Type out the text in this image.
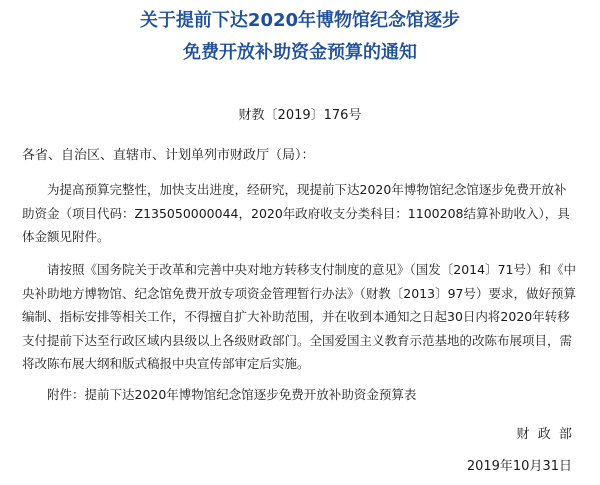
关于提前下达2020年博物馆纪念馆逐步
免费开放补助资金预算的通知
财教〔2019〕176号
各省、自治区、直辖市、计划单列市财政厅（局）：

为提高预算完整性，加快支出进度，经研究，现提前下达2020年博物馆纪念馆逐步免费开放补助资金（项目代码：Z135050000044，2020年政府收支分类科目：1100208结算补助收入），具体金额见附件。

请按照《国务院关于改革和完善中央对地方转移支付制度的意见》（国发〔2014〕71号）和《中央补助地方博物馆、纪念馆免费开放专项资金管理暂行办法》（财教〔2013〕97号）要求，做好预算编制、指标安排等相关工作，不得擅自扩大补助范围，并在收到本通知之日起30日内将2020年转移支付提前下达至行政区域内县级以上各级财政部门。全国爱国主义教育示范基地的改陈布展项目，需将改陈布展大纲和版式稿报中央宣传部审定后实施。

附件：提前下达2020年博物馆纪念馆逐步免费开放补助资金预算表

财  政  部
2019年10月31日
